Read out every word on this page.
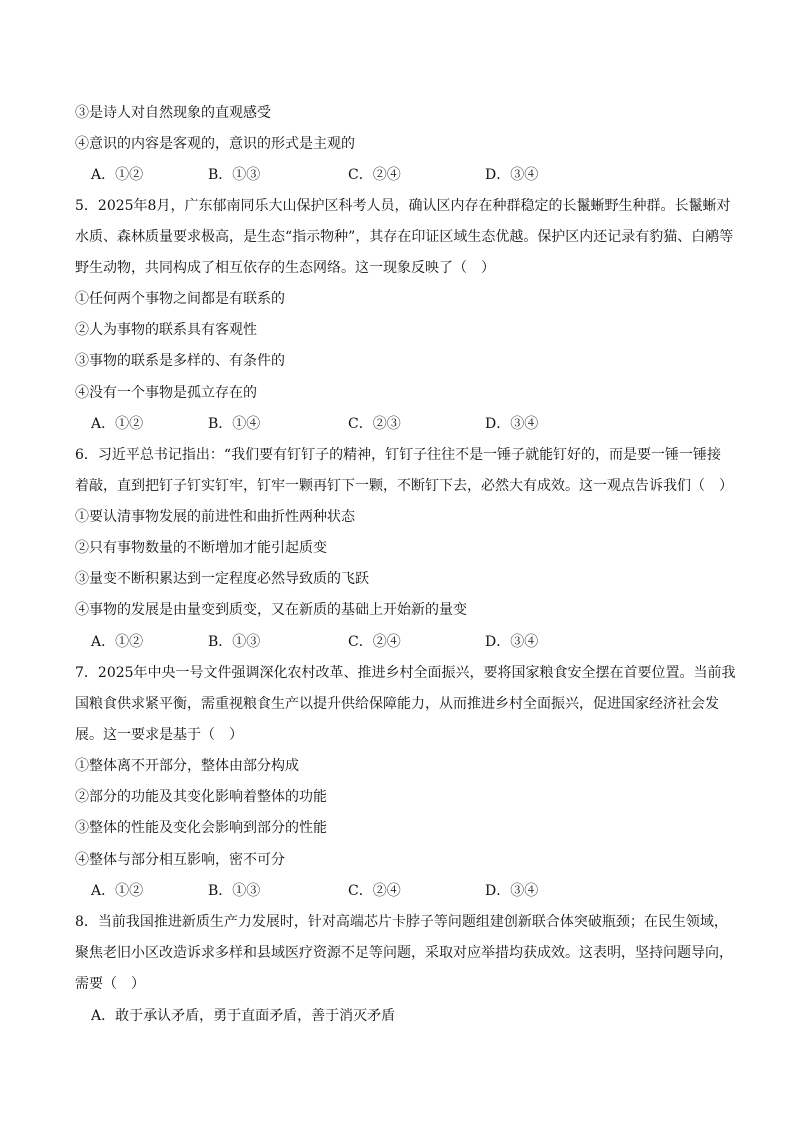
③是诗人对自然现象的直观感受
④意识的内容是客观的，意识的形式是主观的
A．①②	B．①③	C．②④	D．③④
5．2025年8月，广东郁南同乐大山保护区科考人员，确认区内存在种群稳定的长鬣蜥野生种群。长鬣蜥对
水质、森林质量要求极高，是生态“指示物种”，其存在印证区域生态优越。保护区内还记录有豹猫、白鹇等
野生动物，共同构成了相互依存的生态网络。这一现象反映了（　）
①任何两个事物之间都是有联系的
②人为事物的联系具有客观性
③事物的联系是多样的、有条件的
④没有一个事物是孤立存在的
A．①②	B．①④	C．②③	D．③④
6．习近平总书记指出：“我们要有钉钉子的精神，钉钉子往往不是一锤子就能钉好的，而是要一锤一锤接
着敲，直到把钉子钉实钉牢，钉牢一颗再钉下一颗，不断钉下去，必然大有成效。这一观点告诉我们（　）
①要认清事物发展的前进性和曲折性两种状态
②只有事物数量的不断增加才能引起质变
③量变不断积累达到一定程度必然导致质的飞跃
④事物的发展是由量变到质变，又在新质的基础上开始新的量变
A．①②	B．①③	C．②④	D．③④
7．2025年中央一号文件强调深化农村改革、推进乡村全面振兴，要将国家粮食安全摆在首要位置。当前我
国粮食供求紧平衡，需重视粮食生产以提升供给保障能力，从而推进乡村全面振兴，促进国家经济社会发
展。这一要求是基于（　）
①整体离不开部分，整体由部分构成
②部分的功能及其变化影响着整体的功能
③整体的性能及变化会影响到部分的性能
④整体与部分相互影响，密不可分
A．①②	B．①③	C．②④	D．③④
8．当前我国推进新质生产力发展时，针对高端芯片卡脖子等问题组建创新联合体突破瓶颈；在民生领域，
聚焦老旧小区改造诉求多样和县域医疗资源不足等问题，采取对应举措均获成效。这表明，坚持问题导向，
需要（　）
A．敢于承认矛盾，勇于直面矛盾，善于消灭矛盾
